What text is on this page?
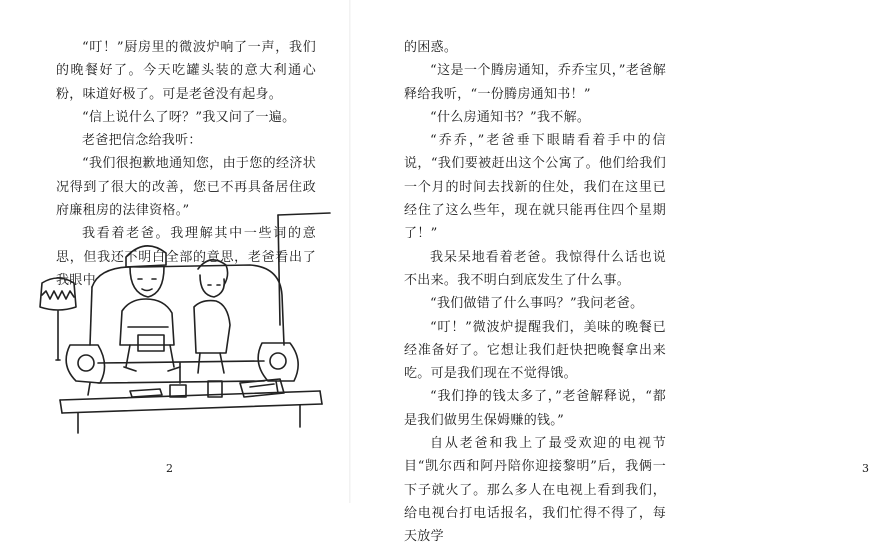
“叮！”厨房里的微波炉响了一声，我们的晚餐好了。今天吃罐头装的意大利通心粉，味道好极了。可是老爸没有起身。

“信上说什么了呀？”我又问了一遍。

老爸把信念给我听：

“我们很抱歉地通知您，由于您的经济状况得到了很大的改善，您已不再具备居住政府廉租房的法律资格。”

我看着老爸。我理解其中一些词的意思，但我还不明白全部的意思，老爸看出了我眼中

2	3

的困惑。

“这是一个腾房通知，乔乔宝贝，”老爸解释给我听，“一份腾房通知书！”

“什么房通知书？”我不解。

“乔乔，”老爸垂下眼睛看着手中的信说，“我们要被赶出这个公寓了。他们给我们一个月的时间去找新的住处，我们在这里已经住了这么些年，现在就只能再住四个星期了！”

我呆呆地看着老爸。我惊得什么话也说不出来。我不明白到底发生了什么事。

“我们做错了什么事吗？”我问老爸。

“叮！”微波炉提醒我们，美味的晚餐已经准备好了。它想让我们赶快把晚餐拿出来吃。可是我们现在不觉得饿。

“我们挣的钱太多了，”老爸解释说，“都是我们做男生保姆赚的钱。”

自从老爸和我上了最受欢迎的电视节目“凯尔西和阿丹陪你迎接黎明”后，我俩一下子就火了。那么多人在电视上看到我们，给电视台打电话报名，我们忙得不得了，每天放学
